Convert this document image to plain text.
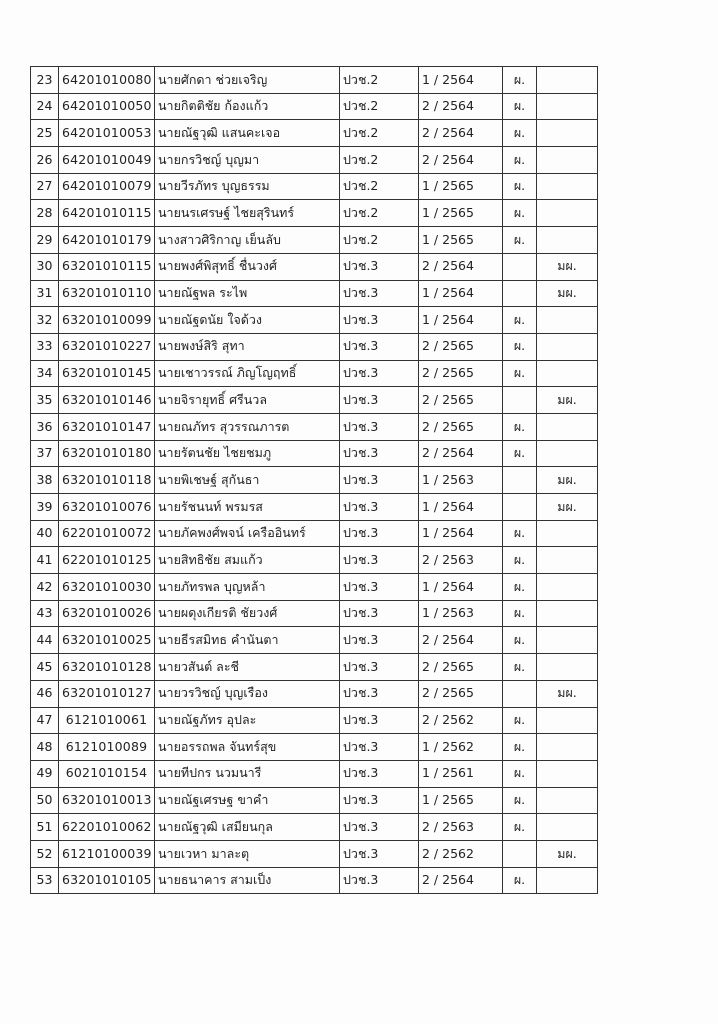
23	64201010080	นายศักดา ช่วยเจริญ	ปวช.2	1 / 2564	ผ.		
24	64201010050	นายกิตติชัย ก้องแก้ว	ปวช.2	2 / 2564	ผ.		
25	64201010053	นายณัฐวุฒิ แสนคะเจอ	ปวช.2	2 / 2564	ผ.		
26	64201010049	นายกรวิชญ์ บุญมา	ปวช.2	2 / 2564	ผ.		
27	64201010079	นายวีรภัทร บุญธรรม	ปวช.2	1 / 2565	ผ.		
28	64201010115	นายนรเศรษฐ์ ไชยสุรินทร์	ปวช.2	1 / 2565	ผ.		
29	64201010179	นางสาวศิริกาญ เย็นลับ	ปวช.2	1 / 2565	ผ.		
30	63201010115	นายพงศ์พิสุทธิ์ ชื่นวงศ์	ปวช.3	2 / 2564		มผ.	
31	63201010110	นายณัฐพล ระไพ	ปวช.3	1 / 2564		มผ.	
32	63201010099	นายณัฐดนัย ใจด้วง	ปวช.3	1 / 2564	ผ.		
33	63201010227	นายพงษ์สิริ สุทา	ปวช.3	2 / 2565	ผ.		
34	63201010145	นายเชาวรรณ์ ภิญโญฤทธิ์	ปวช.3	2 / 2565	ผ.		
35	63201010146	นายจิรายุทธิ์ ศรีนวล	ปวช.3	2 / 2565		มผ.	
36	63201010147	นายณภัทร สุวรรณภารต	ปวช.3	2 / 2565	ผ.		
37	63201010180	นายรัตนชัย ไชยชมภู	ปวช.3	2 / 2564	ผ.		
38	63201010118	นายพิเชษฐ์ สุกันธา	ปวช.3	1 / 2563		มผ.	
39	63201010076	นายรัชนนท์ พรมรส	ปวช.3	1 / 2564		มผ.	
40	62201010072	นายภัคพงศ์พจน์ เครืออินทร์	ปวช.3	1 / 2564	ผ.		
41	62201010125	นายสิทธิชัย สมแก้ว	ปวช.3	2 / 2563	ผ.		
42	63201010030	นายภัทรพล บุญหล้า	ปวช.3	1 / 2564	ผ.		
43	63201010026	นายผดุงเกียรติ ชัยวงศ์	ปวช.3	1 / 2563	ผ.		
44	63201010025	นายธีรสมิทธ คำนันตา	ปวช.3	2 / 2564	ผ.		
45	63201010128	นายวสันต์ ละชี	ปวช.3	2 / 2565	ผ.		
46	63201010127	นายวรวิชญ์ บุญเรือง	ปวช.3	2 / 2565		มผ.	
47	6121010061	นายณัฐภัทร อุปละ	ปวช.3	2 / 2562	ผ.		
48	6121010089	นายอรรถพล จันทร์สุข	ปวช.3	1 / 2562	ผ.		
49	6021010154	นายทีปกร นวมนารี	ปวช.3	1 / 2561	ผ.		
50	63201010013	นายณัฐเศรษฐ ขาคำ	ปวช.3	1 / 2565	ผ.		
51	62201010062	นายณัฐวุฒิ เสมียนกุล	ปวช.3	2 / 2563	ผ.		
52	61210100039	นายเวหา มาละตุ	ปวช.3	2 / 2562		มผ.	
53	63201010105	นายธนาคาร สามเป็ง	ปวช.3	2 / 2564	ผ.		
